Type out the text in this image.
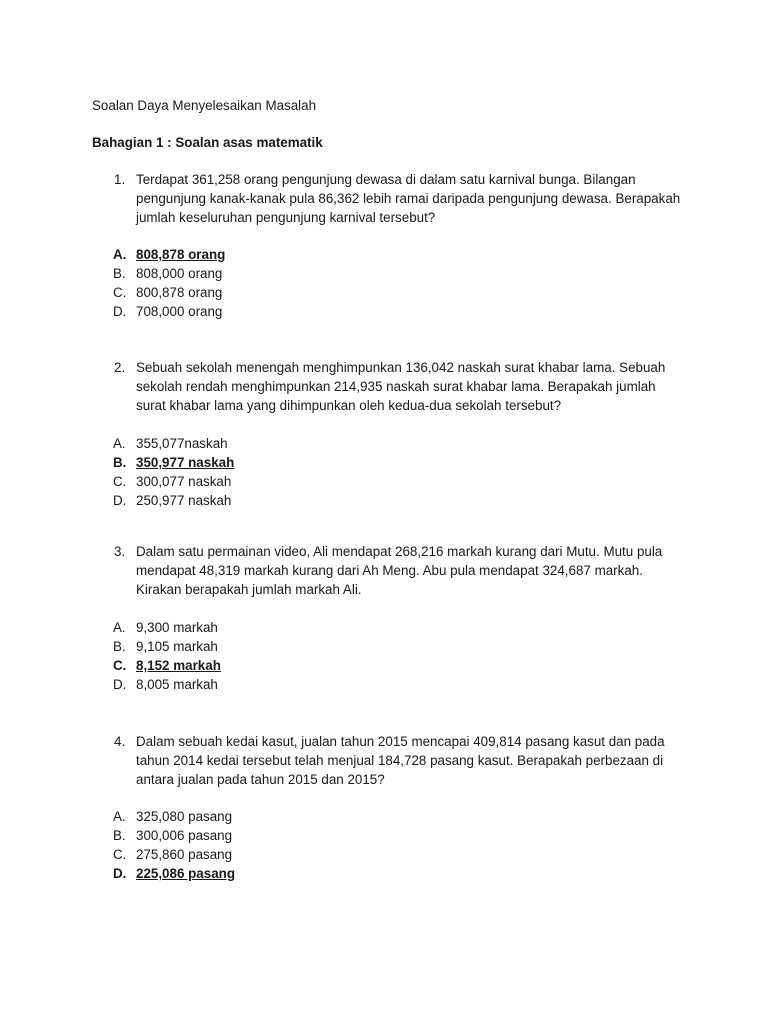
Soalan Daya Menyelesaikan Masalah
Bahagian 1 : Soalan asas matematik
1. Terdapat 361,258 orang pengunjung dewasa di dalam satu karnival bunga. Bilangan pengunjung kanak-kanak pula 86,362 lebih ramai daripada pengunjung dewasa. Berapakah jumlah keseluruhan pengunjung karnival tersebut?
A. 808,878 orang
B. 808,000 orang
C. 800,878 orang
D. 708,000 orang
2. Sebuah sekolah menengah menghimpunkan 136,042 naskah surat khabar lama. Sebuah sekolah rendah menghimpunkan 214,935 naskah surat khabar lama. Berapakah jumlah surat khabar lama yang dihimpunkan oleh kedua-dua sekolah tersebut?
A. 355,077naskah
B. 350,977 naskah
C. 300,077 naskah
D. 250,977 naskah
3. Dalam satu permainan video, Ali mendapat 268,216 markah kurang dari Mutu. Mutu pula mendapat 48,319 markah kurang dari Ah Meng. Abu pula mendapat 324,687 markah. Kirakan berapakah jumlah markah Ali.
A. 9,300 markah
B. 9,105 markah
C. 8,152 markah
D. 8,005 markah
4. Dalam sebuah kedai kasut, jualan tahun 2015 mencapai 409,814 pasang kasut dan pada tahun 2014 kedai tersebut telah menjual 184,728 pasang kasut. Berapakah perbezaan di antara jualan pada tahun 2015 dan 2015?
A. 325,080 pasang
B. 300,006 pasang
C. 275,860 pasang
D. 225,086 pasang
